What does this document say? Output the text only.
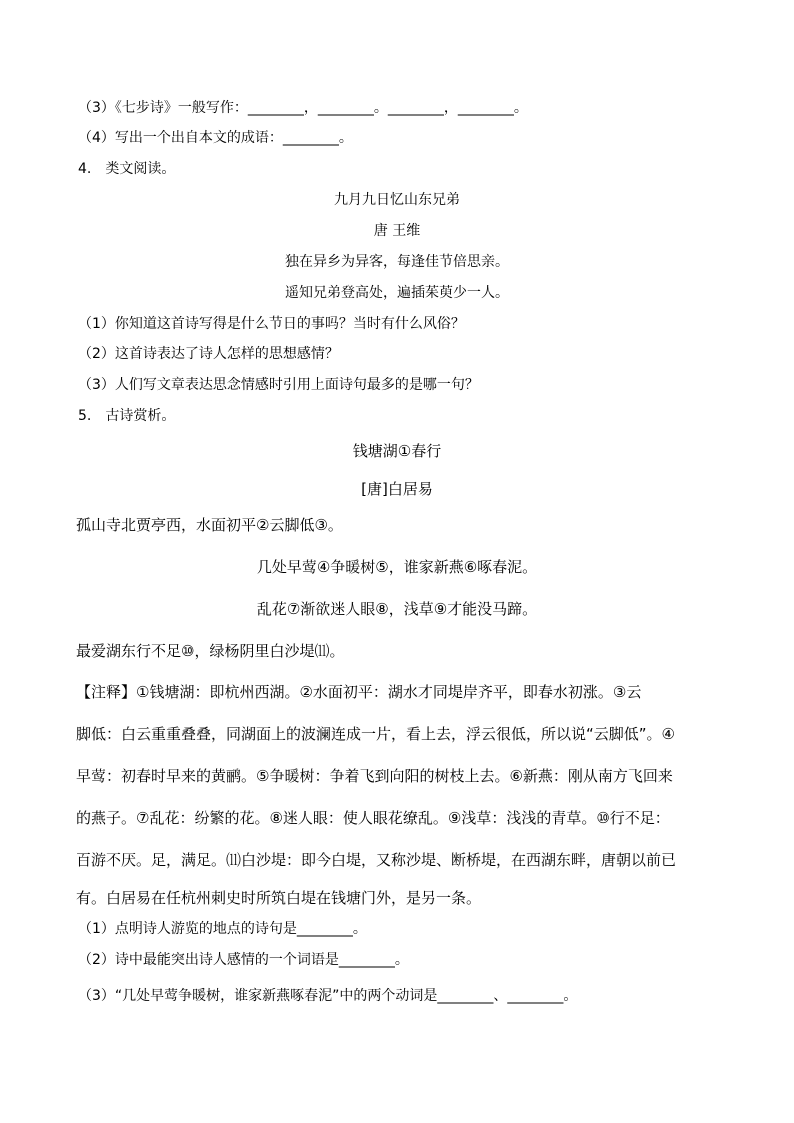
（3）《七步诗》一般写作：________，________。________，________。
（4）写出一个出自本文的成语：________。
4.　类文阅读。
九月九日忆山东兄弟
唐 王维
独在异乡为异客，每逢佳节倍思亲。
遥知兄弟登高处，遍插茱萸少一人。
（1）你知道这首诗写得是什么节日的事吗？当时有什么风俗？
（2）这首诗表达了诗人怎样的思想感情？
（3）人们写文章表达思念情感时引用上面诗句最多的是哪一句？
5.　古诗赏析。
钱塘湖①春行
[唐]白居易
孤山寺北贾亭西，水面初平②云脚低③。
几处早莺④争暖树⑤，谁家新燕⑥啄春泥。
乱花⑦渐欲迷人眼⑧，浅草⑨才能没马蹄。
最爱湖东行不足⑩，绿杨阴里白沙堤⑾。
【注释】①钱塘湖：即杭州西湖。②水面初平：湖水才同堤岸齐平，即春水初涨。③云
脚低：白云重重叠叠，同湖面上的波澜连成一片，看上去，浮云很低，所以说“云脚低”。④
早莺：初春时早来的黄鹂。⑤争暖树：争着飞到向阳的树枝上去。⑥新燕：刚从南方飞回来
的燕子。⑦乱花：纷繁的花。⑧迷人眼：使人眼花缭乱。⑨浅草：浅浅的青草。⑩行不足：
百游不厌。足，满足。⑾白沙堤：即今白堤，又称沙堤、断桥堤，在西湖东畔，唐朝以前已
有。白居易在任杭州刺史时所筑白堤在钱塘门外，是另一条。
（1）点明诗人游览的地点的诗句是________。
（2）诗中最能突出诗人感情的一个词语是________。
（3）“几处早莺争暖树，谁家新燕啄春泥”中的两个动词是________、________。
